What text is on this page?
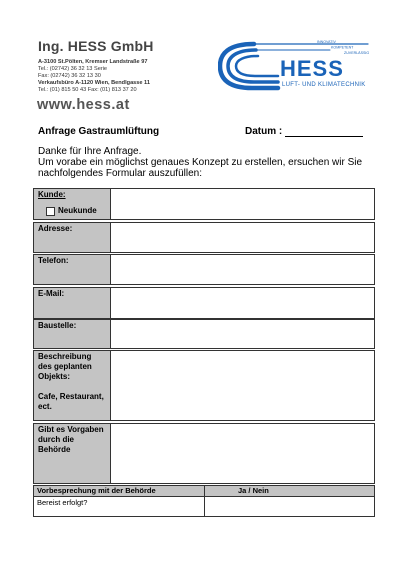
Ing. HESS GmbH
A-3100 St.Pölten, Kremser Landstraße 97
Tel.: (02742) 36 32 13 Serie
Fax: (02742) 36 32 13 30
Verkaufsbüro A-1120 Wien, Bendlgasse 11
Tel.: (01) 815 50 43 Fax: (01) 813 37 20
www.hess.at
INNOVATIV
KOMPETENT
ZUVERLÄSSIG
HESS
LUFT- UND KLIMATECHNIK
Anfrage Gastraumlüftung	Datum :
Danke für Ihre Anfrage.
Um vorabe ein möglichst genaues Konzept zu erstellen, ersuchen wir Sie nachfolgendes Formular auszufüllen:
Kunde:
Neukunde
Adresse:
Telefon:
E-Mail:
Baustelle:
Beschreibung des geplanten Objekts:

Cafe, Restaurant, ect.
Gibt es Vorgaben durch die Behörde
Vorbesprechung mit der Behörde	Ja / Nein
Bereist erfolgt?
